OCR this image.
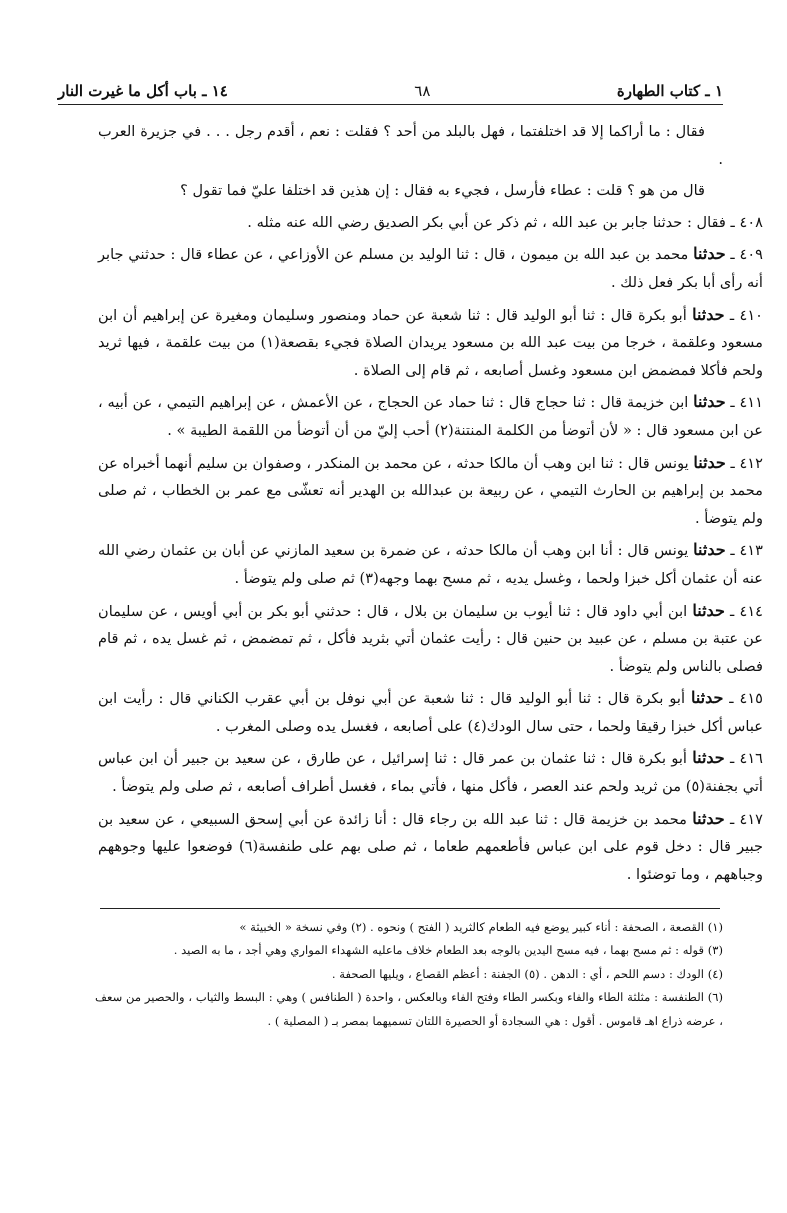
١ ـ كتاب الطهارة
٦٨
١٤ ـ باب أكل ما غيرت النار

فقال : ما أراكما إلا قد اختلفتما ، فهل بالبلد من أحد ؟ فقلت : نعم ، أقدم رجل . . . في جزيرة العرب .

قال من هو ؟ قلت : عطاء فأرسل ، فجيء به فقال : إن هذين قد اختلفا عليّ فما تقول ؟

٤٠٨ ـ فقال : حدثنا جابر بن عبد الله ، ثم ذكر عن أبي بكر الصديق رضي الله عنه مثله .

٤٠٩ ـ حدثنا محمد بن عبد الله بن ميمون ، قال : ثنا الوليد بن مسلم عن الأوزاعي ، عن عطاء قال : حدثني جابر أنه رأى أبا بكر فعل ذلك .

٤١٠ ـ حدثنا أبو بكرة قال : ثنا أبو الوليد قال : ثنا شعبة عن حماد ومنصور وسليمان ومغيرة عن إبراهيم أن ابن مسعود وعلقمة ، خرجا من بيت عبد الله بن مسعود يريدان الصلاة فجيء بقصعة(١) من بيت علقمة ، فيها ثريد ولحم فأكلا فمضمض ابن مسعود وغسل أصابعه ، ثم قام إلى الصلاة .

٤١١ ـ حدثنا ابن خزيمة قال : ثنا حجاج قال : ثنا حماد عن الحجاج ، عن الأعمش ، عن إبراهيم التيمي ، عن أبيه ، عن ابن مسعود قال : « لأن أتوضأ من الكلمة المنتنة(٢) أحب إليّ من أن أتوضأ من اللقمة الطيبة » .

٤١٢ ـ حدثنا يونس قال : ثنا ابن وهب أن مالكا حدثه ، عن محمد بن المنكدر ، وصفوان بن سليم أنهما أخبراه عن محمد بن إبراهيم بن الحارث التيمي ، عن ربيعة بن عبدالله بن الهدير أنه تعشّى مع عمر بن الخطاب ، ثم صلى ولم يتوضأ .

٤١٣ ـ حدثنا يونس قال : أنا ابن وهب أن مالكا حدثه ، عن ضمرة بن سعيد المازني عن أبان بن عثمان رضي الله عنه أن عثمان أكل خبزا ولحما ، وغسل يديه ، ثم مسح بهما وجهه(٣) ثم صلى ولم يتوضأ .

٤١٤ ـ حدثنا ابن أبي داود قال : ثنا أيوب بن سليمان بن بلال ، قال : حدثني أبو بكر بن أبي أويس ، عن سليمان عن عتبة بن مسلم ، عن عبيد بن حنين قال : رأيت عثمان أتي بثريد فأكل ، ثم تمضمض ، ثم غسل يده ، ثم قام فصلى بالناس ولم يتوضأ .

٤١٥ ـ حدثنا أبو بكرة قال : ثنا أبو الوليد قال : ثنا شعبة عن أبي نوفل بن أبي عقرب الكناني قال : رأيت ابن عباس أكل خبزا رقيقا ولحما ، حتى سال الودك(٤) على أصابعه ، فغسل يده وصلى المغرب .

٤١٦ ـ حدثنا أبو بكرة قال : ثنا عثمان بن عمر قال : ثنا إسرائيل ، عن طارق ، عن سعيد بن جبير أن ابن عباس أتي بجفنة(٥) من ثريد ولحم عند العصر ، فأكل منها ، فأتي بماء ، فغسل أطراف أصابعه ، ثم صلى ولم يتوضأ .

٤١٧ ـ حدثنا محمد بن خزيمة قال : ثنا عبد الله بن رجاء قال : أنا زائدة عن أبي إسحق السبيعي ، عن سعيد بن جبير قال : دخل قوم على ابن عباس فأطعمهم طعاما ، ثم صلى بهم على طنفسة(٦) فوضعوا عليها وجوههم وجباههم ، وما توضئوا .

(١) القصعة ، الصحفة : أناء كبير يوضع فيه الطعام كالثريد ( الفتح ) ونحوه . (٢) وفي نسخة « الخبيثة »

(٣) قوله : ثم مسح بهما ، فيه مسح اليدين بالوجه بعد الطعام خلاف ماعليه الشهداء المواري وهي أجد ، ما به الصيد .

(٤) الودك : دسم اللحم ، أي : الدهن . (٥) الجفنة : أعظم القصاع ، ويليها الصحفة .

(٦) الطنفسة : مثلثة الطاء والفاء وبكسر الطاء وفتح الفاء وبالعكس ، واحدة ( الطنافس ) وهي : البسط والثياب ، والحصير من سعف ، عرضه ذراع اهـ قاموس . أقول : هي السجادة أو الحصيرة اللتان تسميهما بمصر بـ ( المصلية ) .
